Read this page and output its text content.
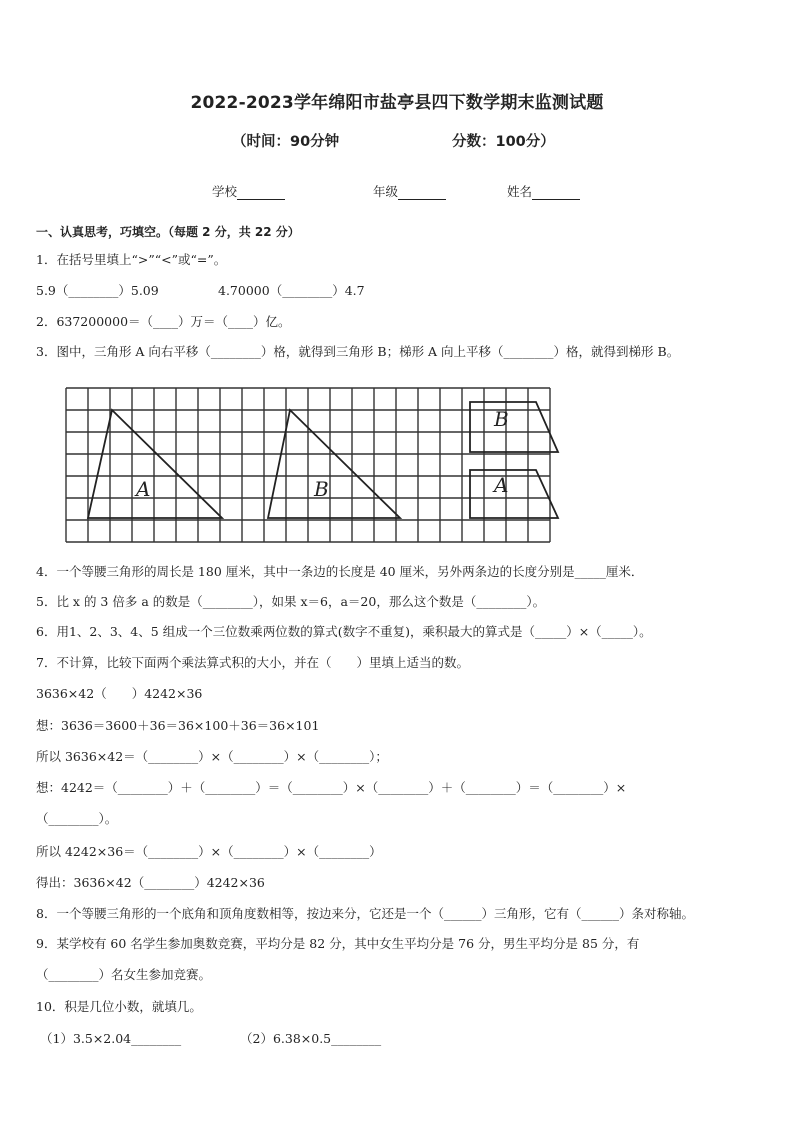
2022-2023学年绵阳市盐亭县四下数学期末监测试题
（时间：90分钟	分数：100分）
学校	年级	姓名
一、认真思考，巧填空。（每题 2 分，共 22 分）
1．在括号里填上“>”“<”或“=”。
5.9（________）5.09	4.70000（________）4.7
2．637200000＝（____）万＝（____）亿。
3．图中，三角形 A 向右平移（________）格，就得到三角形 B；梯形 A 向上平移（________）格，就得到梯形 B。
A	B
B
A
4．一个等腰三角形的周长是 180 厘米，其中一条边的长度是 40 厘米，另外两条边的长度分别是_____厘米．
5．比 x 的 3 倍多 a 的数是（________），如果 x＝6，a＝20，那么这个数是（________）。
6．用1、2、3、4、5 组成一个三位数乘两位数的算式(数字不重复)，乘积最大的算式是（_____）×（_____）。
7．不计算，比较下面两个乘法算式积的大小，并在（　　）里填上适当的数。
3636×42（　　）4242×36
想：3636＝3600＋36＝36×100＋36＝36×101
所以 3636×42＝（________）×（________）×（________）；
想：4242＝（________）＋（________）＝（________）×（________）＋（________）＝（________）×
（________）。
所以 4242×36＝（________）×（________）×（________）
得出：3636×42（________）4242×36
8．一个等腰三角形的一个底角和顶角度数相等，按边来分，它还是一个（______）三角形，它有（______）条对称轴。
9．某学校有 60 名学生参加奥数竞赛，平均分是 82 分，其中女生平均分是 76 分，男生平均分是 85 分，有
（________）名女生参加竞赛。
10．积是几位小数，就填几。
（1）3.5×2.04________	（2）6.38×0.5________
